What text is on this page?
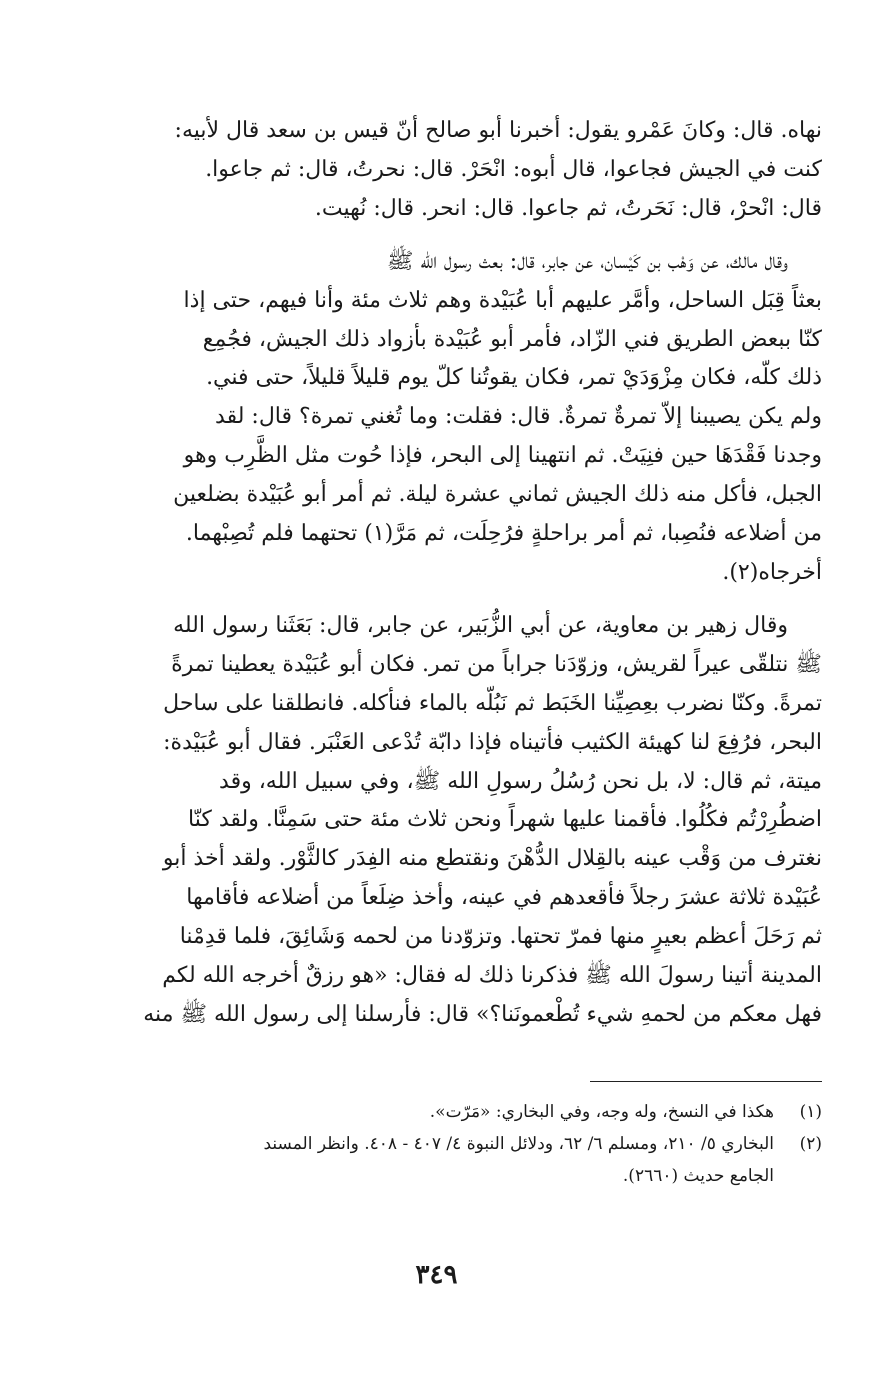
نهاه. قال: وكانَ عَمْرو يقول: أخبرنا أبو صالح أنّ قيس بن سعد قال لأبيه:

كنت في الجيش فجاعوا، قال أبوه: انْحَرْ. قال: نحرتُ، قال: ثم جاعوا.

قال: انْحرْ، قال: نَحَرتُ، ثم جاعوا. قال: انحر. قال: نُهيت.

وقال مالك، عن وَهْب بن كَيْسان، عن جابر، قال: بعث رسول الله ﷺ

بعثاً قِبَل الساحل، وأمَّر عليهم أبا عُبَيْدة وهم ثلاث مئة وأنا فيهم، حتى إذا

كنّا ببعض الطريق فني الزّاد، فأمر أبو عُبَيْدة بأزواد ذلك الجيش، فجُمِع

ذلك كلّه، فكان مِزْوَدَيْ تمر، فكان يقوتُنا كلّ يوم قليلاً قليلاً، حتى فني.

ولم يكن يصيبنا إلاّ تمرةٌ تمرةٌ. قال: فقلت: وما تُغني تمرة؟ قال: لقد

وجدنا فَقْدَهَا حين فنِيَتْ. ثم انتهينا إلى البحر، فإذا حُوت مثل الظَّرِب وهو

الجبل، فأكل منه ذلك الجيش ثماني عشرة ليلة. ثم أمر أبو عُبَيْدة بضلعين

من أضلاعه فنُصِبا، ثم أمر براحلةٍ فرُحِلَت، ثم مَرَّ(١) تحتهما فلم تُصِبْهما.

أخرجاه(٢).

وقال زهير بن معاوية، عن أبي الزُّبَير، عن جابر، قال: بَعَثَنا رسول الله

ﷺ نتلقّى عيراً لقريش، وزوّدَنا جراباً من تمر. فكان أبو عُبَيْدة يعطينا تمرةً

تمرةً. وكنّا نضرب بعِصِيِّنا الخَبَط ثم نَبُلّه بالماء فنأكله. فانطلقنا على ساحل

البحر، فرُفِعَ لنا كهيئة الكثيب فأتيناه فإذا دابّة تُدْعى العَنْبَر. فقال أبو عُبَيْدة:

ميتة، ثم قال: لا، بل نحن رُسُلُ رسولِ الله ﷺ، وفي سبيل الله، وقد

اضطُرِرْتُم فكُلُوا. فأقمنا عليها شهراً ونحن ثلاث مئة حتى سَمِنَّا. ولقد كنّا

نغترف من وَقْب عينه بالقِلال الدُّهْنَ ونقتطع منه الفِدَر كالثَّوْر. ولقد أخذ أبو

عُبَيْدة ثلاثة عشرَ رجلاً فأقعدهم في عينه، وأخذ ضِلَعاً من أضلاعه فأقامها

ثم رَحَلَ أعظم بعيرٍ منها فمرّ تحتها. وتزوّدنا من لحمه وَشَائِقَ، فلما قدِمْنا

المدينة أتينا رسولَ الله ﷺ فذكرنا ذلك له فقال: «هو رزقٌ أخرجه الله لكم

فهل معكم من لحمهِ شيء تُطْعمونَنا؟» قال: فأرسلنا إلى رسول الله ﷺ منه

(١)
هكذا في النسخ، وله وجه، وفي البخاري: «مَرّت».
(٢)
البخاري ٥/ ٢١٠، ومسلم ٦/ ٦٢، ودلائل النبوة ٤/ ٤٠٧ - ٤٠٨. وانظر المسند
الجامع حديث (٢٦٦٠).
٣٤٩
